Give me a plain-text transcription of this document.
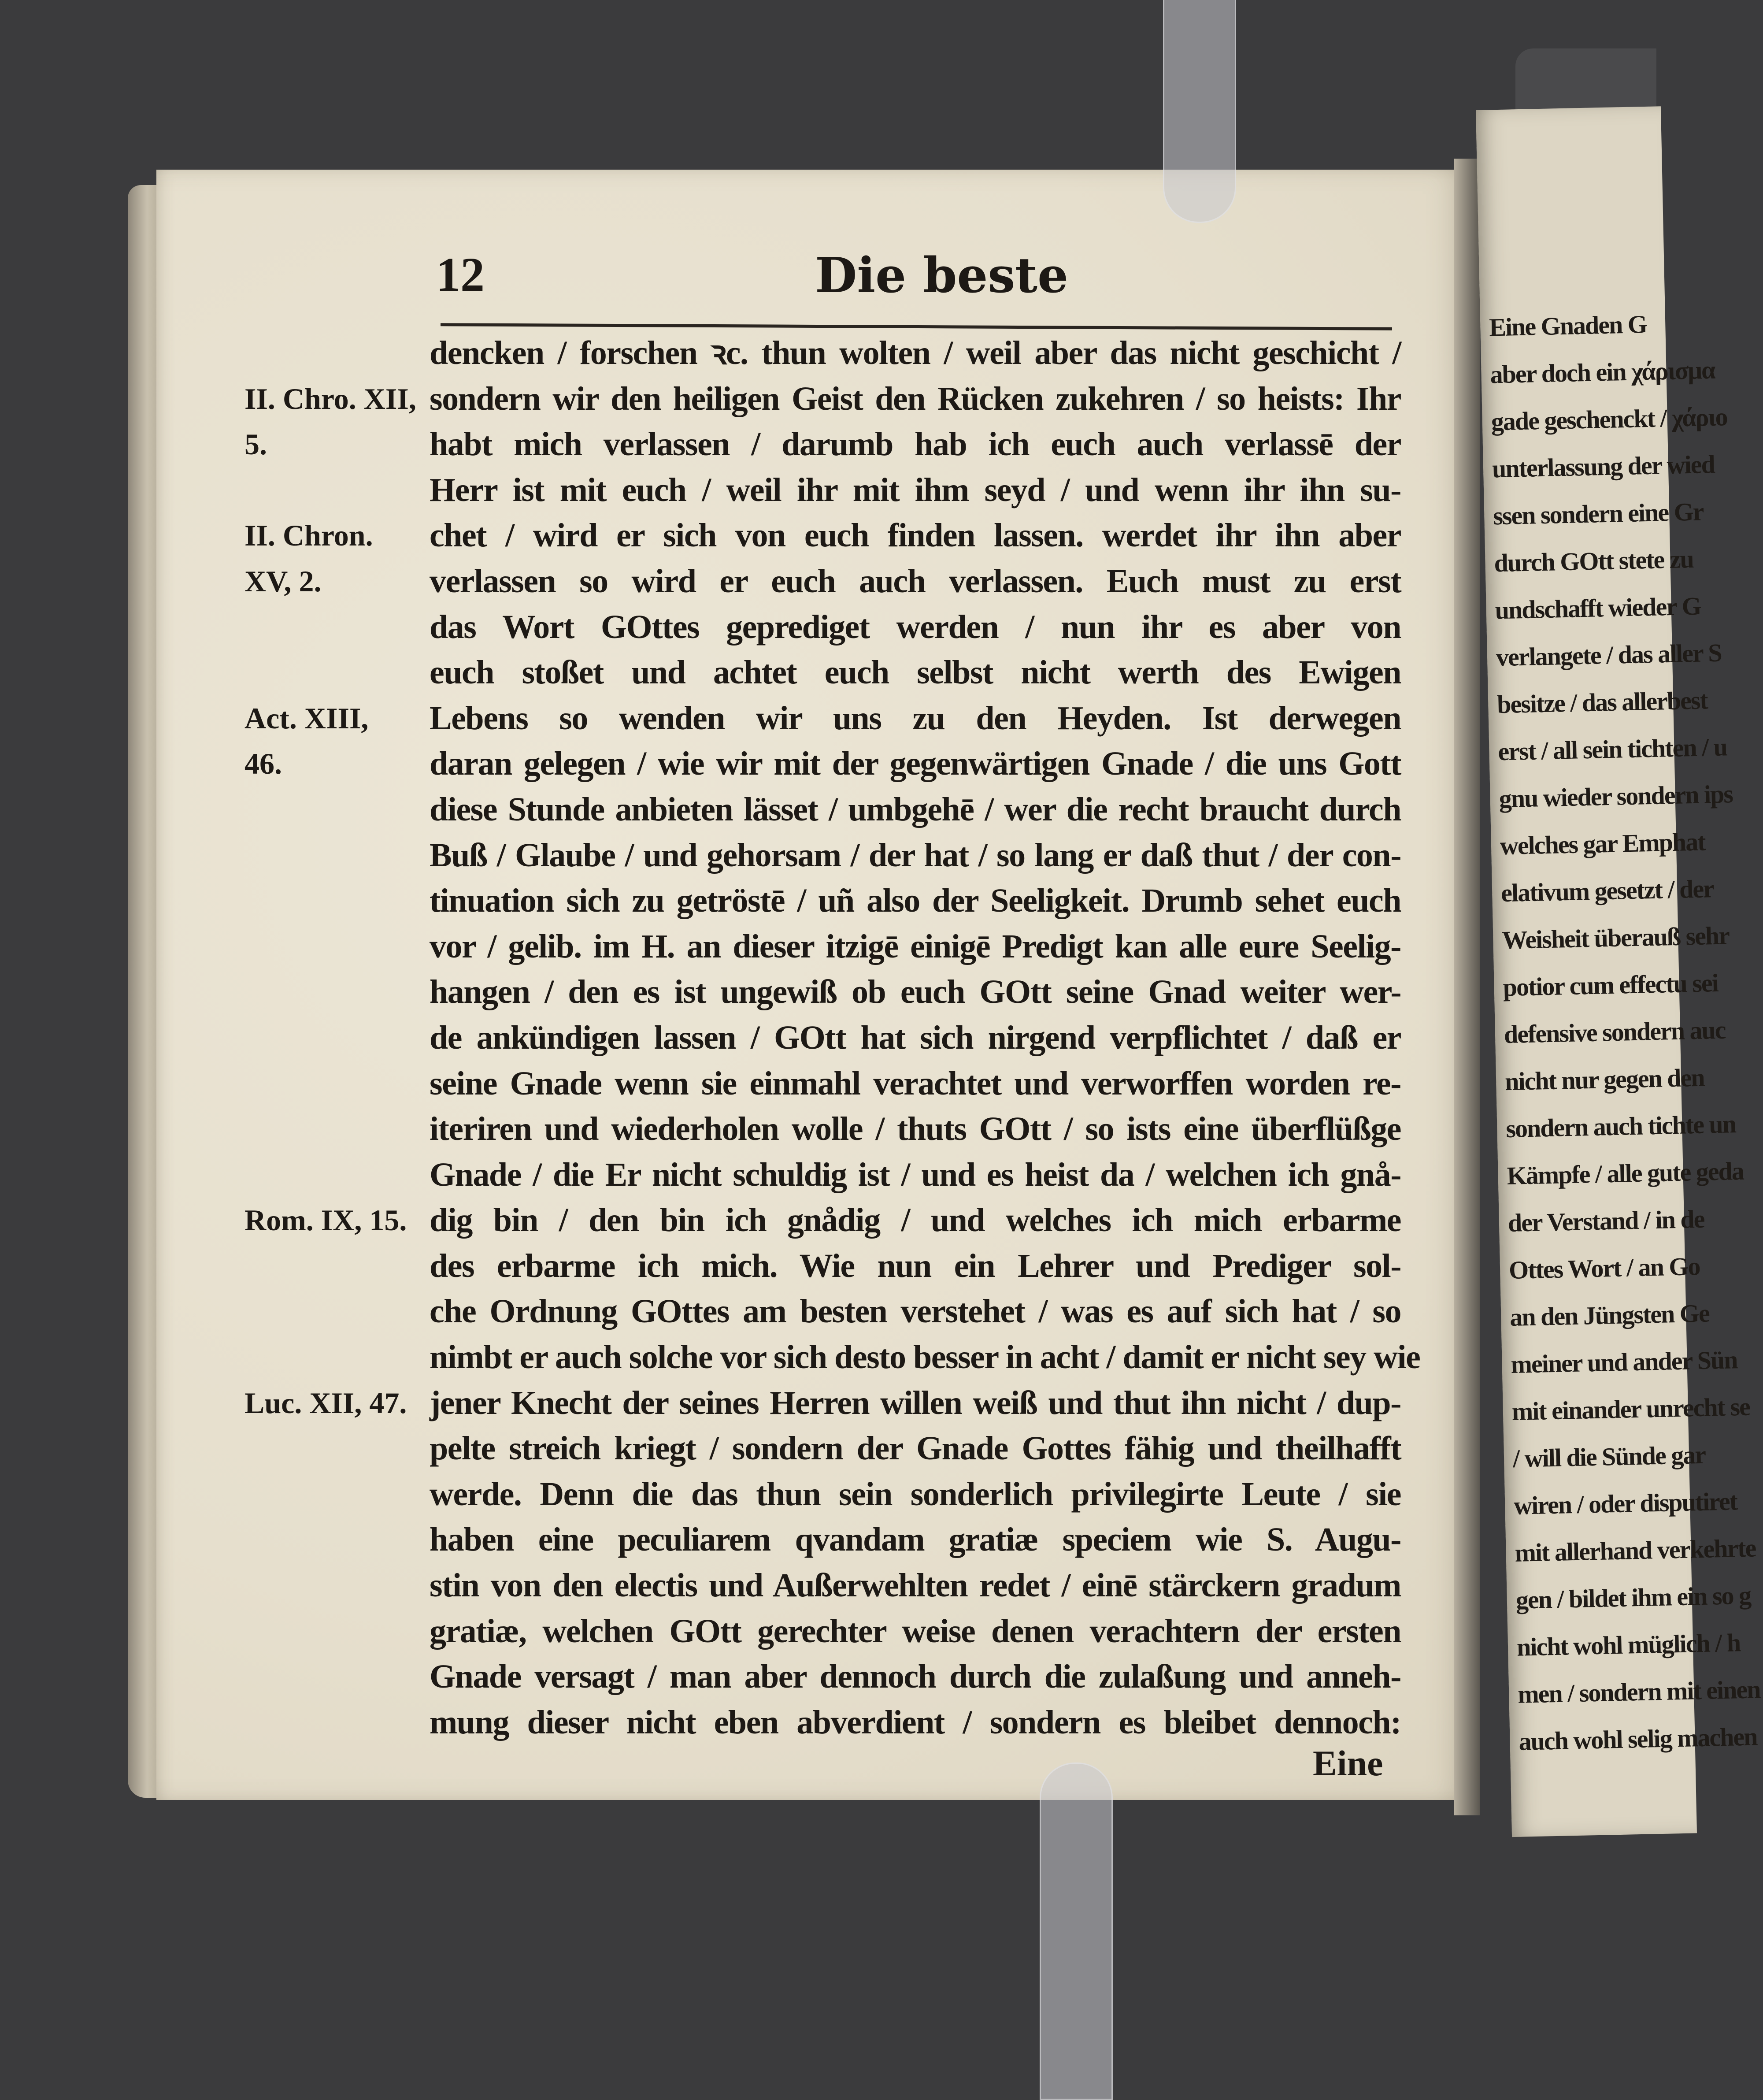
Eine Gnaden G
aber doch ein χάρισμα
gade geschenckt / χάριο
unterlassung der wied
ssen sondern eine Gr
durch GOtt stete zu
undschafft wieder G
verlangete / das aller S
besitze / das allerbest
erst / all sein tichten / u
gnu wieder sondern ips
welches gar Emphat
elativum gesetzt / der
Weisheit überauß sehr
potior cum effectu sei
defensive sondern auc
nicht nur gegen den
sondern auch tichte un
Kämpfe / alle gute geda
der Verstand / in de
Ottes Wort / an Go
an den Jüngsten Ge
meiner und ander Sün
mit einander unrecht se
/ will die Sünde gar
wiren / oder disputiret
mit allerhand verkehrte
gen / bildet ihm ein so g
nicht wohl müglich / h
men / sondern mit einen
auch wohl selig machen
12	Die beste
dencken / forschen ꝛc. thun wolten / weil aber das nicht geschicht /
sondern wir den heiligen Geist den Rücken zukehren / so heists: Ihr
habt mich verlassen / darumb hab ich euch auch verlassē der
Herr ist mit euch / weil ihr mit ihm seyd / und wenn ihr ihn su-
chet / wird er sich von euch finden lassen. werdet ihr ihn aber
verlassen so wird er euch auch verlassen. Euch must zu erst
das Wort GOttes geprediget werden / nun ihr es aber von
euch stoßet und achtet euch selbst nicht werth des Ewigen
Lebens so wenden wir uns zu den Heyden. Ist derwegen
daran gelegen / wie wir mit der gegenwärtigen Gnade / die uns Gott
diese Stunde anbieten lässet / umbgehē / wer die recht braucht durch
Buß / Glaube / und gehorsam / der hat / so lang er daß thut / der con-
tinuation sich zu getröstē / uñ also der Seeligkeit. Drumb sehet euch
vor / gelib. im H. an dieser itzigē einigē Predigt kan alle eure Seelig-
hangen / den es ist ungewiß ob euch GOtt seine Gnad weiter wer-
de ankündigen lassen / GOtt hat sich nirgend verpflichtet / daß er
seine Gnade wenn sie einmahl verachtet und verworffen worden re-
iteriren und wiederholen wolle / thuts GOtt / so ists eine überflüßge
Gnade / die Er nicht schuldig ist / und es heist da / welchen ich gnå-
dig bin / den bin ich gnådig / und welches ich mich erbarme
des erbarme ich mich. Wie nun ein Lehrer und Prediger sol-
che Ordnung GOttes am besten verstehet / was es auf sich hat / so
nimbt er auch solche vor sich desto besser in acht / damit er nicht sey wie
jener Knecht der seines Herren willen weiß und thut ihn nicht / dup-
pelte streich kriegt / sondern der Gnade Gottes fähig und theilhafft
werde. Denn die das thun sein sonderlich privilegirte Leute / sie
haben eine peculiarem qvandam gratiæ speciem wie S. Augu-
stin von den electis und Außerwehlten redet / einē stärckern gradum
gratiæ, welchen GOtt gerechter weise denen verachtern der ersten
Gnade versagt / man aber dennoch durch die zulaßung und anneh-
mung dieser nicht eben abverdient / sondern es bleibet dennoch:
II. Chro. XII,
5.
II. Chron.
XV, 2.
Act. XIII,
46.
Rom. IX, 15.
Luc. XII, 47.
Eine
